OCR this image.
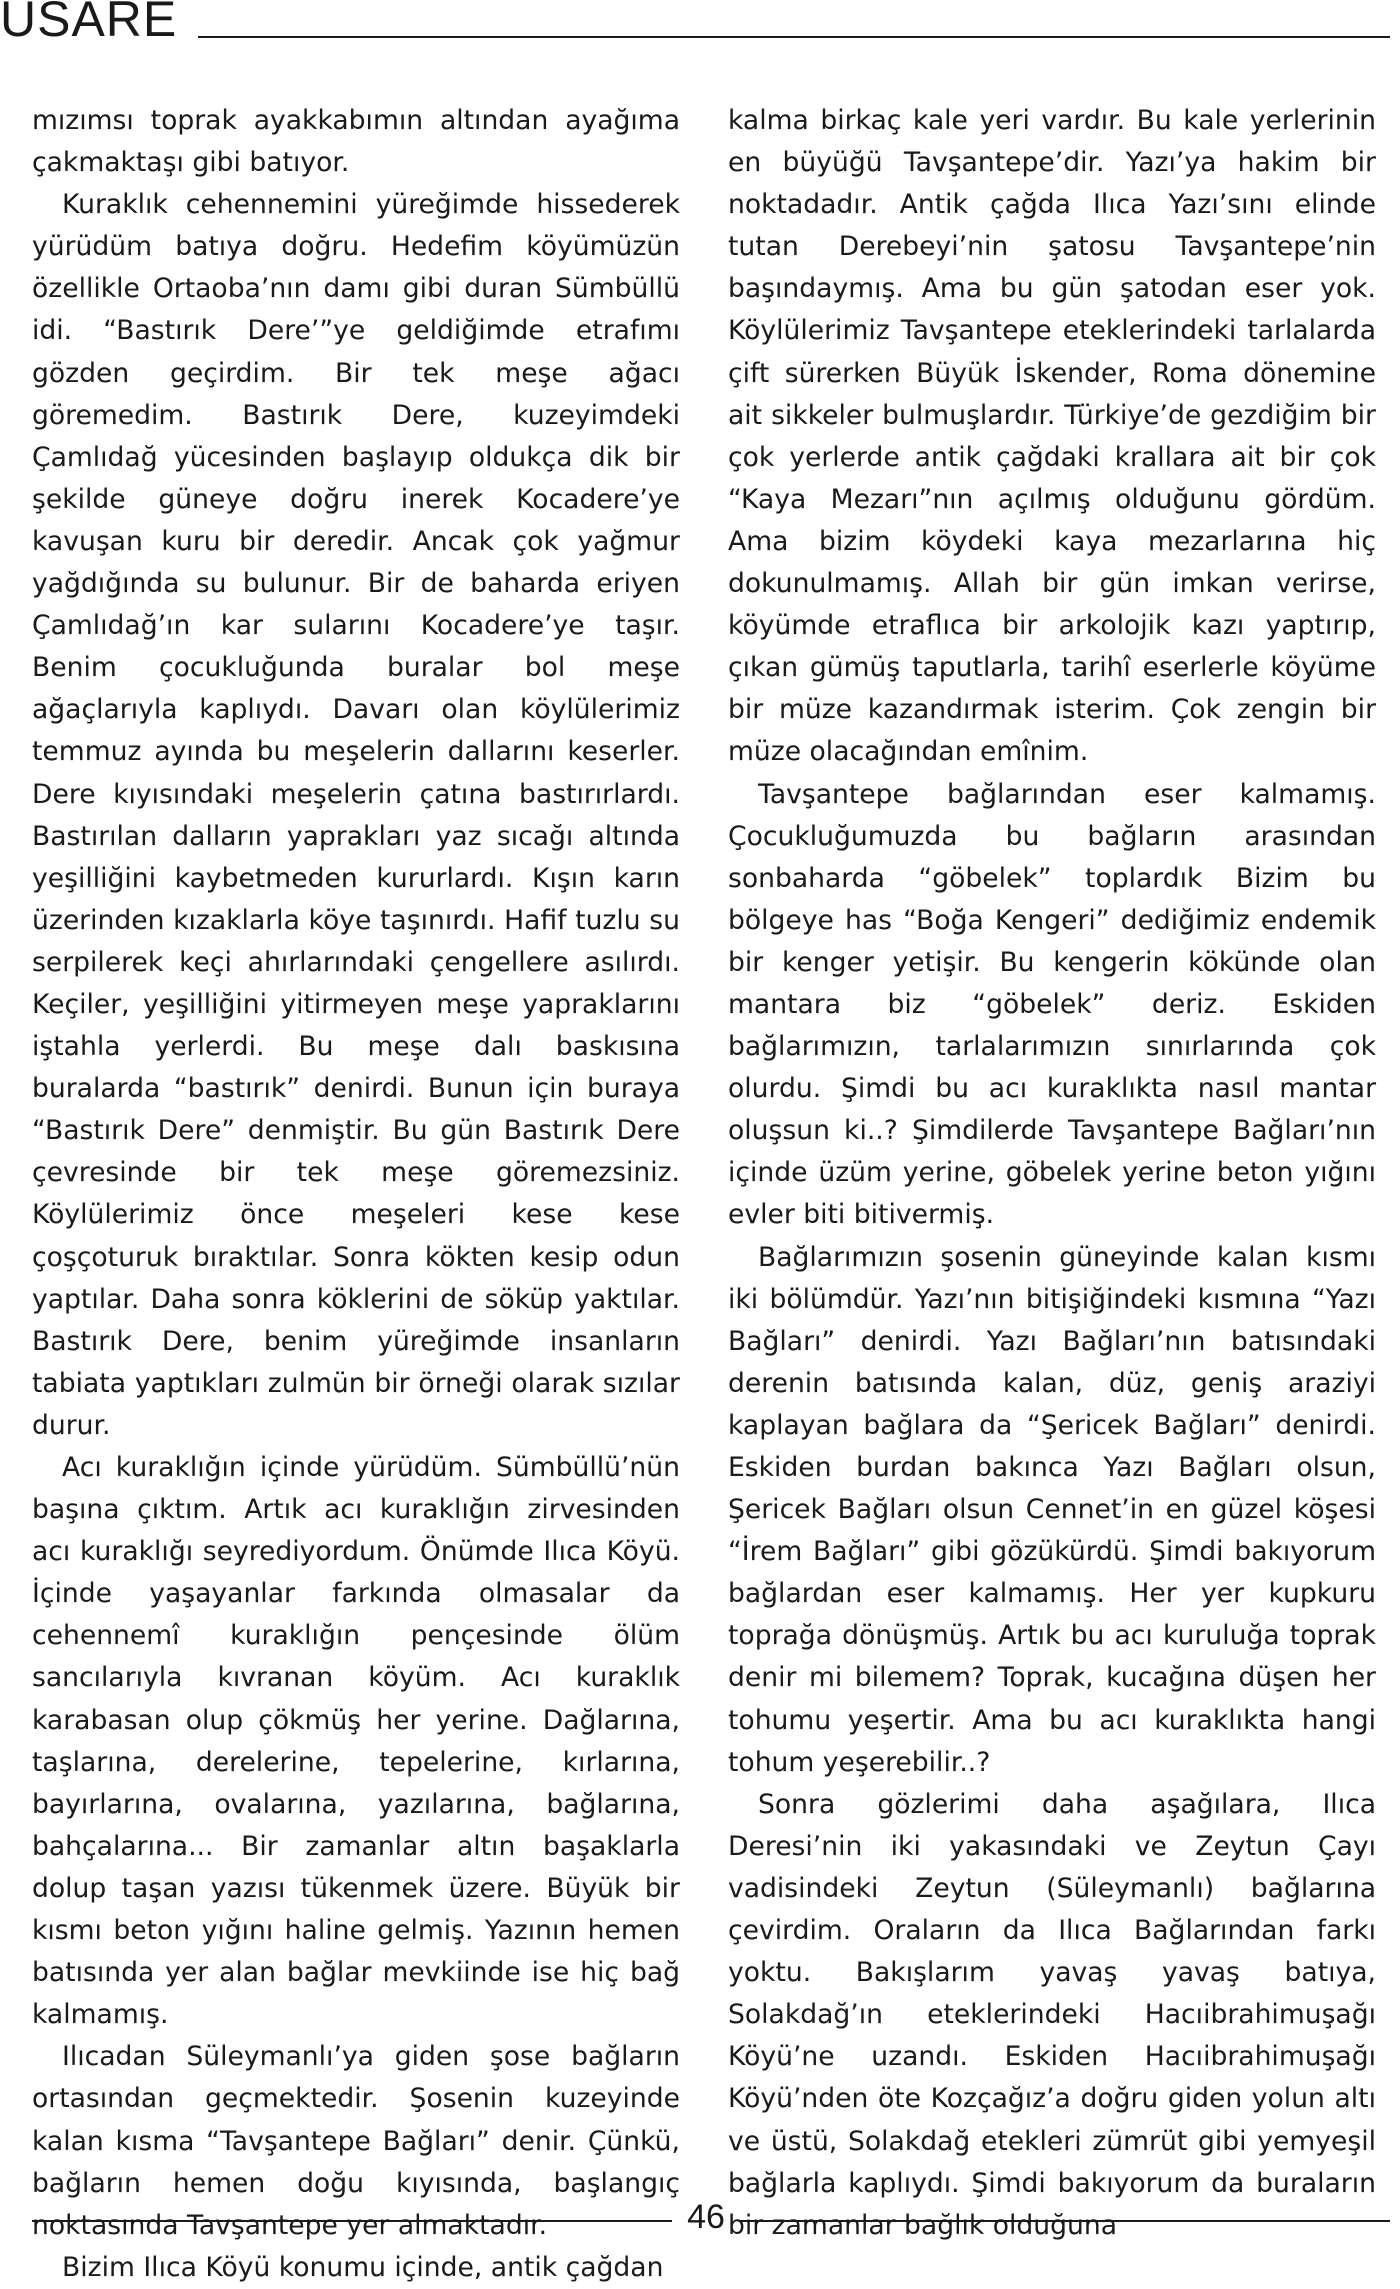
USARE

mızımsı toprak ayakkabımın altından ayağıma çakmaktaşı gibi batıyor.

Kuraklık cehennemini yüreğimde hissederek yürüdüm batıya doğru. Hedefim köyümüzün özellikle Ortaoba’nın damı gibi duran Sümbüllü idi. “Bastırık Dere’”ye geldiğimde etrafımı gözden geçirdim. Bir tek meşe ağacı göremedim. Bastırık Dere, kuzeyimdeki Çamlıdağ yücesinden başlayıp oldukça dik bir şekilde güneye doğru inerek Kocadere’ye kavuşan kuru bir deredir. Ancak çok yağmur yağdığında su bulunur. Bir de baharda eriyen Çamlıdağ’ın kar sularını Kocadere’ye taşır. Benim çocukluğunda buralar bol meşe ağaçlarıyla kaplıydı. Davarı olan köylülerimiz temmuz ayında bu meşelerin dallarını keserler. Dere kıyısındaki meşelerin çatına bastırırlardı. Bastırılan dalların yaprakları yaz sıcağı altında yeşilliğini kaybetmeden kururlardı. Kışın karın üzerinden kızaklarla köye taşınırdı. Hafif tuzlu su serpilerek keçi ahırlarındaki çengellere asılırdı. Keçiler, yeşilliğini yitirmeyen meşe yapraklarını iştahla yerlerdi. Bu meşe dalı baskısına buralarda “bastırık” denirdi. Bunun için buraya “Bastırık Dere” denmiştir. Bu gün Bastırık Dere çevresinde bir tek meşe göremezsiniz. Köylülerimiz önce meşeleri kese kese çoşçoturuk bıraktılar. Sonra kökten kesip odun yaptılar. Daha sonra köklerini de söküp yaktılar. Bastırık Dere, benim yüreğimde insanların tabiata yaptıkları zulmün bir örneği olarak sızılar durur.

Acı kuraklığın içinde yürüdüm. Sümbüllü’nün başına çıktım. Artık acı kuraklığın zirvesinden acı kuraklığı seyrediyordum. Önümde Ilıca Köyü. İçinde yaşayanlar farkında olmasalar da cehennemî kuraklığın pençesinde ölüm sancılarıyla kıvranan köyüm. Acı kuraklık karabasan olup çökmüş her yerine. Dağlarına, taşlarına, derelerine, tepelerine, kırlarına, bayırlarına, ovalarına, yazılarına, bağlarına, bahçalarına... Bir zamanlar altın başaklarla dolup taşan yazısı tükenmek üzere. Büyük bir kısmı beton yığını haline gelmiş. Yazının hemen batısında yer alan bağlar mevkiinde ise hiç bağ kalmamış.

Ilıcadan Süleymanlı’ya giden şose bağların ortasından geçmektedir. Şosenin kuzeyinde kalan kısma “Tavşantepe Bağları” denir. Çünkü, bağların hemen doğu kıyısında, başlangıç noktasında Tavşantepe yer almaktadır.

Bizim Ilıca Köyü konumu içinde, antik çağdan

kalma birkaç kale yeri vardır. Bu kale yerlerinin en büyüğü Tavşantepe’dir. Yazı’ya hakim bir noktadadır. Antik çağda Ilıca Yazı’sını elinde tutan Derebeyi’nin şatosu Tavşantepe’nin başındaymış. Ama bu gün şatodan eser yok. Köylülerimiz Tavşantepe eteklerindeki tarlalarda çift sürerken Büyük İskender, Roma dönemine ait sikkeler bulmuşlardır. Türkiye’de gezdiğim bir çok yerlerde antik çağdaki krallara ait bir çok “Kaya Mezarı”nın açılmış olduğunu gördüm. Ama bizim köydeki kaya mezarlarına hiç dokunulmamış. Allah bir gün imkan verirse, köyümde etraflıca bir arkolojik kazı yaptırıp, çıkan gümüş taputlarla, tarihî eserlerle köyüme bir müze kazandırmak isterim. Çok zengin bir müze olacağından emînim.

Tavşantepe bağlarından eser kalmamış. Çocukluğumuzda bu bağların arasından sonbaharda “göbelek” toplardık Bizim bu bölgeye has “Boğa Kengeri” dediğimiz endemik bir kenger yetişir. Bu kengerin kökünde olan mantara biz “göbelek” deriz. Eskiden bağlarımızın, tarlalarımızın sınırlarında çok olurdu. Şimdi bu acı kuraklıkta nasıl mantar oluşsun ki..? Şimdilerde Tavşantepe Bağları’nın içinde üzüm yerine, göbelek yerine beton yığını evler biti bitivermiş.

Bağlarımızın şosenin güneyinde kalan kısmı iki bölümdür. Yazı’nın bitişiğindeki kısmına “Yazı Bağları” denirdi. Yazı Bağları’nın batısındaki derenin batısında kalan, düz, geniş araziyi kaplayan bağlara da “Şericek Bağları” denirdi. Eskiden burdan bakınca Yazı Bağları olsun, Şericek Bağları olsun Cennet’in en güzel köşesi “İrem Bağları” gibi gözükürdü. Şimdi bakıyorum bağlardan eser kalmamış. Her yer kupkuru toprağa dönüşmüş. Artık bu acı kuruluğa toprak denir mi bilemem? Toprak, kucağına düşen her tohumu yeşertir. Ama bu acı kuraklıkta hangi tohum yeşerebilir..?

Sonra gözlerimi daha aşağılara, Ilıca Deresi’nin iki yakasındaki ve Zeytun Çayı vadisindeki Zeytun (Süleymanlı) bağlarına çevirdim. Oraların da Ilıca Bağlarından farkı yoktu. Bakışlarım yavaş yavaş batıya, Solakdağ’ın eteklerindeki Hacıibrahimuşağı Köyü’ne uzandı. Eskiden Hacıibrahimuşağı Köyü’nden öte Kozçağız’a doğru giden yolun altı ve üstü, Solakdağ etekleri zümrüt gibi yemyeşil bağlarla kaplıydı. Şimdi bakıyorum da buraların bir zamanlar bağlık olduğuna

46
